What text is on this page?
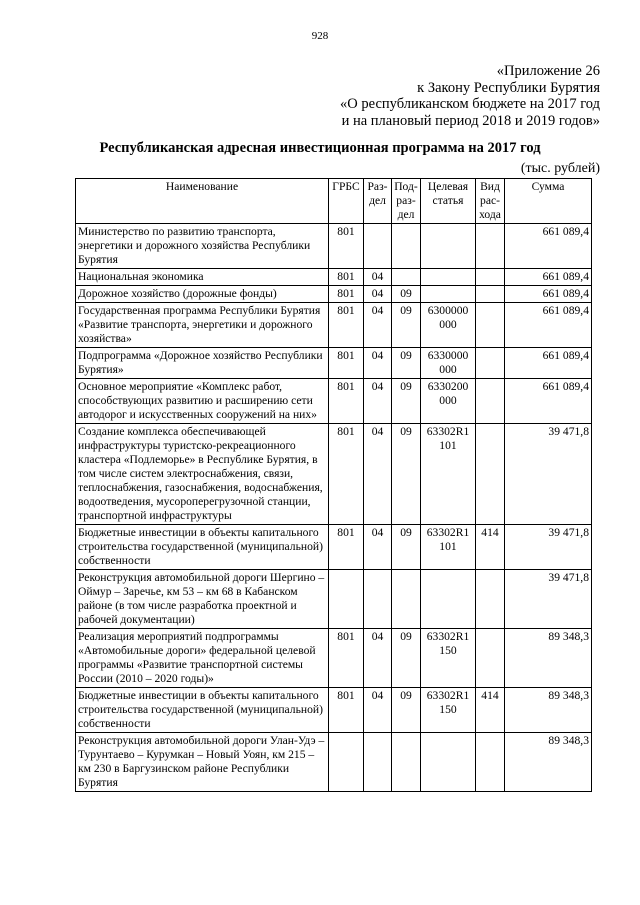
928
«Приложение 26
к Закону Республики Бурятия
«О республиканском бюджете на 2017 год
и на плановый период 2018 и 2019 годов»
Республиканская адресная инвестиционная программа на 2017 год
(тыс. рублей)
Наименование	ГРБС	Раз- дел	Под- раз- дел	Целевая статья	Вид рас- хода	Сумма
Министерство по развитию транспорта, энергетики и дорожного хозяйства Республики Бурятия	801					661 089,4
Национальная экономика	801	04				661 089,4
Дорожное хозяйство (дорожные фонды)	801	04	09			661 089,4
Государственная программа Республики Бурятия «Развитие транспорта, энергетики и дорожного хозяйства»	801	04	09	6300000 000		661 089,4
Подпрограмма «Дорожное хозяйство Республики Бурятия»	801	04	09	6330000 000		661 089,4
Основное мероприятие «Комплекс работ, способствующих развитию и расширению сети автодорог и искусственных сооружений на них»	801	04	09	6330200 000		661 089,4
Создание комплекса обеспечивающей инфраструктуры туристско-рекреационного кластера «Подлеморье» в Республике Бурятия, в том числе систем электроснабжения, связи, теплоснабжения, газоснабжения, водоснабжения, водоотведения, мусороперегрузочной станции, транспортной инфраструктуры	801	04	09	63302R1 101		39 471,8
Бюджетные инвестиции в объекты капитального строительства государственной (муниципальной) собственности	801	04	09	63302R1 101	414	39 471,8
Реконструкция автомобильной дороги Шергино – Оймур – Заречье, км 53 – км 68 в Кабанском районе (в том числе разработка проектной и рабочей документации)						39 471,8
Реализация мероприятий подпрограммы «Автомобильные дороги» федеральной целевой программы «Развитие транспортной системы России (2010 – 2020 годы)»	801	04	09	63302R1 150		89 348,3
Бюджетные инвестиции в объекты капитального строительства государственной (муниципальной) собственности	801	04	09	63302R1 150	414	89 348,3
Реконструкция автомобильной дороги Улан-Удэ – Турунтаево – Курумкан – Новый Уоян, км 215 – км 230 в Баргузинском районе Республики Бурятия						89 348,3
